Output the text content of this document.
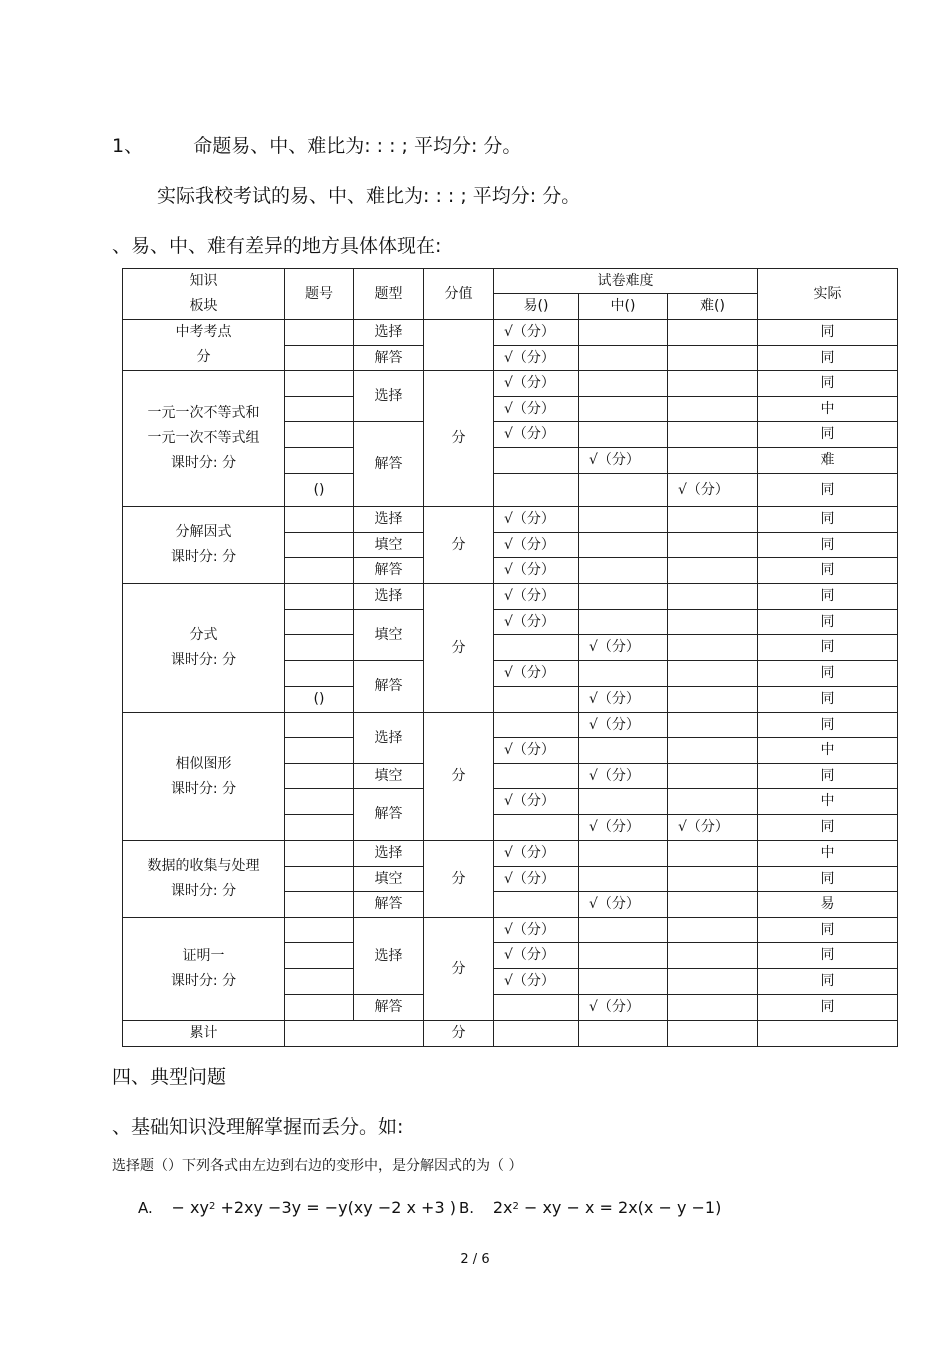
1、	命题易、中、难比为: : : ; 平均分: 分。
实际我校考试的易、中、难比为: : : ; 平均分: 分。
、易、中、难有差异的地方具体体现在:
知识
板块	题号	题型	分值	试卷难度			实际
				易()	中()	难()	

中考考点
分		选择		√（分）			同
		解答		√（分）			同

一元一次不等式和
一元一次不等式组
课时分: 分		选择	分	√（分）			同
				√（分）			中
		解答		√（分）			同
					√（分）		难
	()					√（分）	同

分解因式
课时分: 分		选择	分	√（分）			同
		填空		√（分）			同
		解答		√（分）			同

分式
课时分: 分		选择	分	√（分）			同
		填空		√（分）			同
					√（分）		同
		解答		√（分）			同
	()				√（分）		同

相似图形
课时分: 分		选择	分		√（分）		同
				√（分）			中
		填空			√（分）		同
		解答		√（分）			中
					√（分）	√（分）	同

数据的收集与处理
课时分: 分		选择	分	√（分）			中
		填空		√（分）			同
		解答			√（分）		易

证明一
课时分: 分		选择	分	√（分）			同
				√（分）			同
				√（分）			同
		解答			√（分）		同
累计			分				
四、典型问题
、基础知识没理解掌握而丢分。如:
选择题（）下列各式由左边到右边的变形中，是分解因式的为（ ）
A. − $xy^2 +2xy -3y = -y(xy -2$ x +3 ) B. $2x^2$ − xy − x = 2x(x − y −1)
2 / 6
